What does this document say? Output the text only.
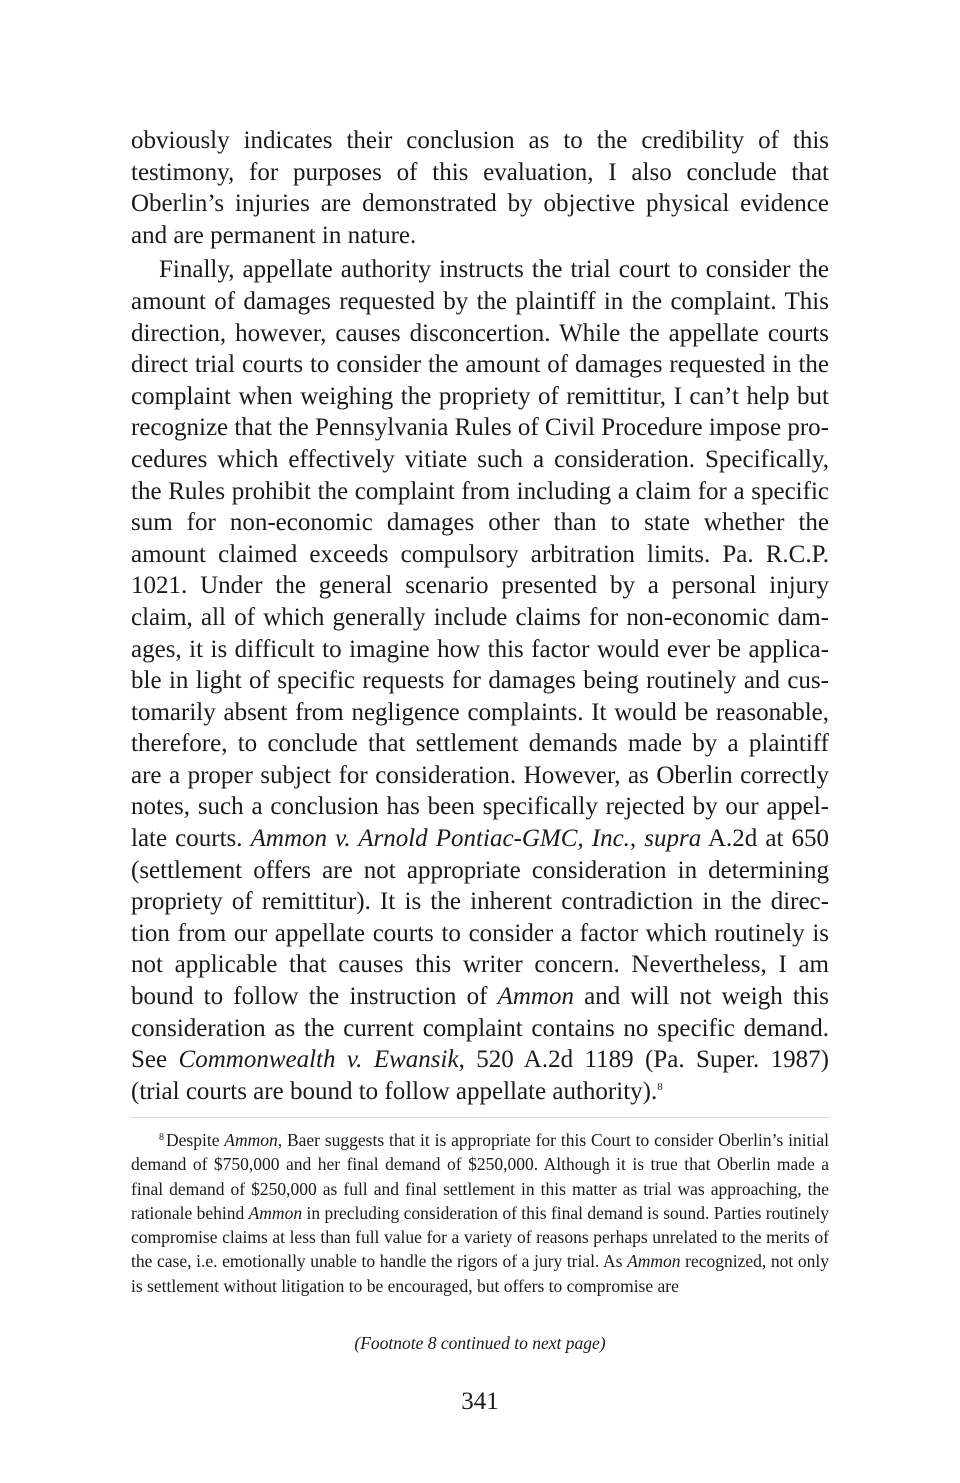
obviously indicates their conclusion as to the credibility of this testimony, for purposes of this evaluation, I also conclude that Oberlin’s injuries are demonstrated by objective physical evidence and are permanent in nature.

Finally, appellate authority instructs the trial court to consider the amount of damages requested by the plaintiff in the complaint. This direction, however, causes disconcertion. While the appellate courts direct trial courts to consider the amount of damages requested in the complaint when weighing the propriety of remittitur, I can’t help but recognize that the Pennsylvania Rules of Civil Procedure impose procedures which effectively vitiate such a consideration. Specifically, the Rules prohibit the complaint from including a claim for a specific sum for non-economic damages other than to state whether the amount claimed exceeds compulsory arbitration limits. Pa. R.C.P. 1021. Under the general scenario presented by a personal injury claim, all of which generally include claims for non-economic damages, it is difficult to imagine how this factor would ever be applicable in light of specific requests for damages being routinely and customarily absent from negligence complaints. It would be reasonable, therefore, to conclude that settlement demands made by a plaintiff are a proper subject for consideration. However, as Oberlin correctly notes, such a conclusion has been specifically rejected by our appellate courts. Ammon v. Arnold Pontiac-GMC, Inc., supra A.2d at 650 (settlement offers are not appropriate consideration in determining propriety of remittitur). It is the inherent contradiction in the direction from our appellate courts to consider a factor which routinely is not applicable that causes this writer concern. Nevertheless, I am bound to follow the instruction of Ammon and will not weigh this consideration as the current complaint contains no specific demand. See Commonwealth v. Ewansik, 520 A.2d 1189 (Pa. Super. 1987) (trial courts are bound to follow appellate authority).$^8$

$^8$ Despite Ammon, Baer suggests that it is appropriate for this Court to consider Oberlin’s initial demand of $750,000 and her final demand of $250,000. Although it is true that Oberlin made a final demand of $250,000 as full and final settlement in this matter as trial was approaching, the rationale behind Ammon in precluding consideration of this final demand is sound. Parties routinely compromise claims at less than full value for a variety of reasons perhaps unrelated to the merits of the case, i.e. emotionally unable to handle the rigors of a jury trial. As Ammon recognized, not only is settlement without litigation to be encouraged, but offers to compromise are

(Footnote 8 continued to next page)
341
